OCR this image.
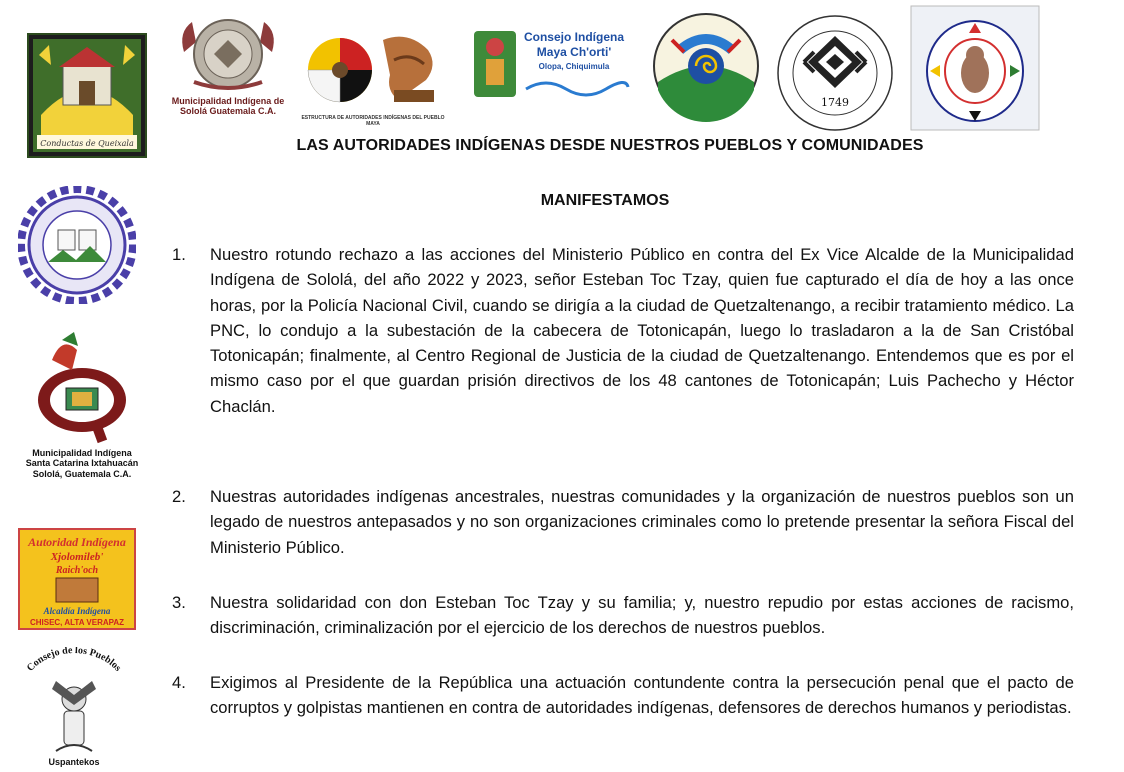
Conductas de Queixala
Municipalidad Indígena de
Sololá Guatemala C.A.
ESTRUCTURA DE AUTORIDADES INDÍGENAS DEL PUEBLO MAYA
Consejo Indígena
Maya Ch'orti'
Olopa, Chiquimula
1749
Municipalidad Indígena
Santa Catarina Ixtahuacán
Sololá, Guatemala C.A.
Autoridad Indígena
Xjolomileb'
Raich'och
Alcaldía Indígena
CHISEC, ALTA VERAPAZ
Consejo de los Pueblos
Uspantekos
LAS AUTORIDADES INDÍGENAS DESDE NUESTROS PUEBLOS Y COMUNIDADES
MANIFESTAMOS
1.	Nuestro rotundo rechazo a las acciones del Ministerio Público en contra del Ex Vice Alcalde de la Municipalidad Indígena de Sololá, del año 2022 y 2023, señor Esteban Toc Tzay, quien fue capturado el día de hoy a las once horas, por la Policía Nacional Civil, cuando se dirigía a la ciudad de Quetzaltenango, a recibir tratamiento médico. La PNC, lo condujo a la subestación de la cabecera de Totonicapán, luego lo trasladaron a la de San Cristóbal Totonicapán; finalmente, al Centro Regional de Justicia de la ciudad de Quetzaltenango. Entendemos que es por el mismo caso por el que guardan prisión directivos de los 48 cantones de Totonicapán; Luis Pachecho y Héctor Chaclán.
2.	Nuestras autoridades indígenas ancestrales, nuestras comunidades y la organización de nuestros pueblos son un legado de nuestros antepasados y no son organizaciones criminales como lo pretende presentar la señora Fiscal del Ministerio Público.
3.	Nuestra solidaridad con don Esteban Toc Tzay y su familia; y, nuestro repudio por estas acciones de racismo, discriminación, criminalización por el ejercicio de los derechos de nuestros pueblos.
4.	Exigimos al Presidente de la República una actuación contundente contra la persecución penal que el pacto de corruptos y golpistas mantienen en contra de autoridades indígenas, defensores de derechos humanos y periodistas.
